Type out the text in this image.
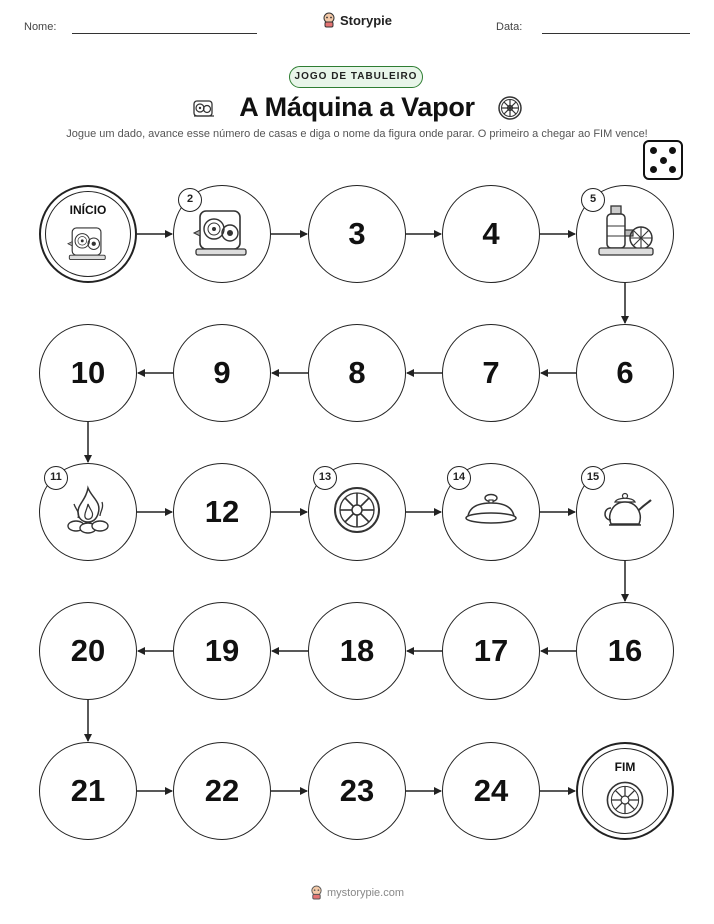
Nome:	Data:
Storypie
JOGO DE TABULEIRO
A Máquina a Vapor
Jogue um dado, avance esse número de casas e diga o nome da figura onde parar. O primeiro a chegar ao FIM vence!
INÍCIO
2
3	4
5
6
7
8
9
10
11
12
13	14	15
16
17
18
19
20
21	22	23	24
FIM
mystorypie.com
